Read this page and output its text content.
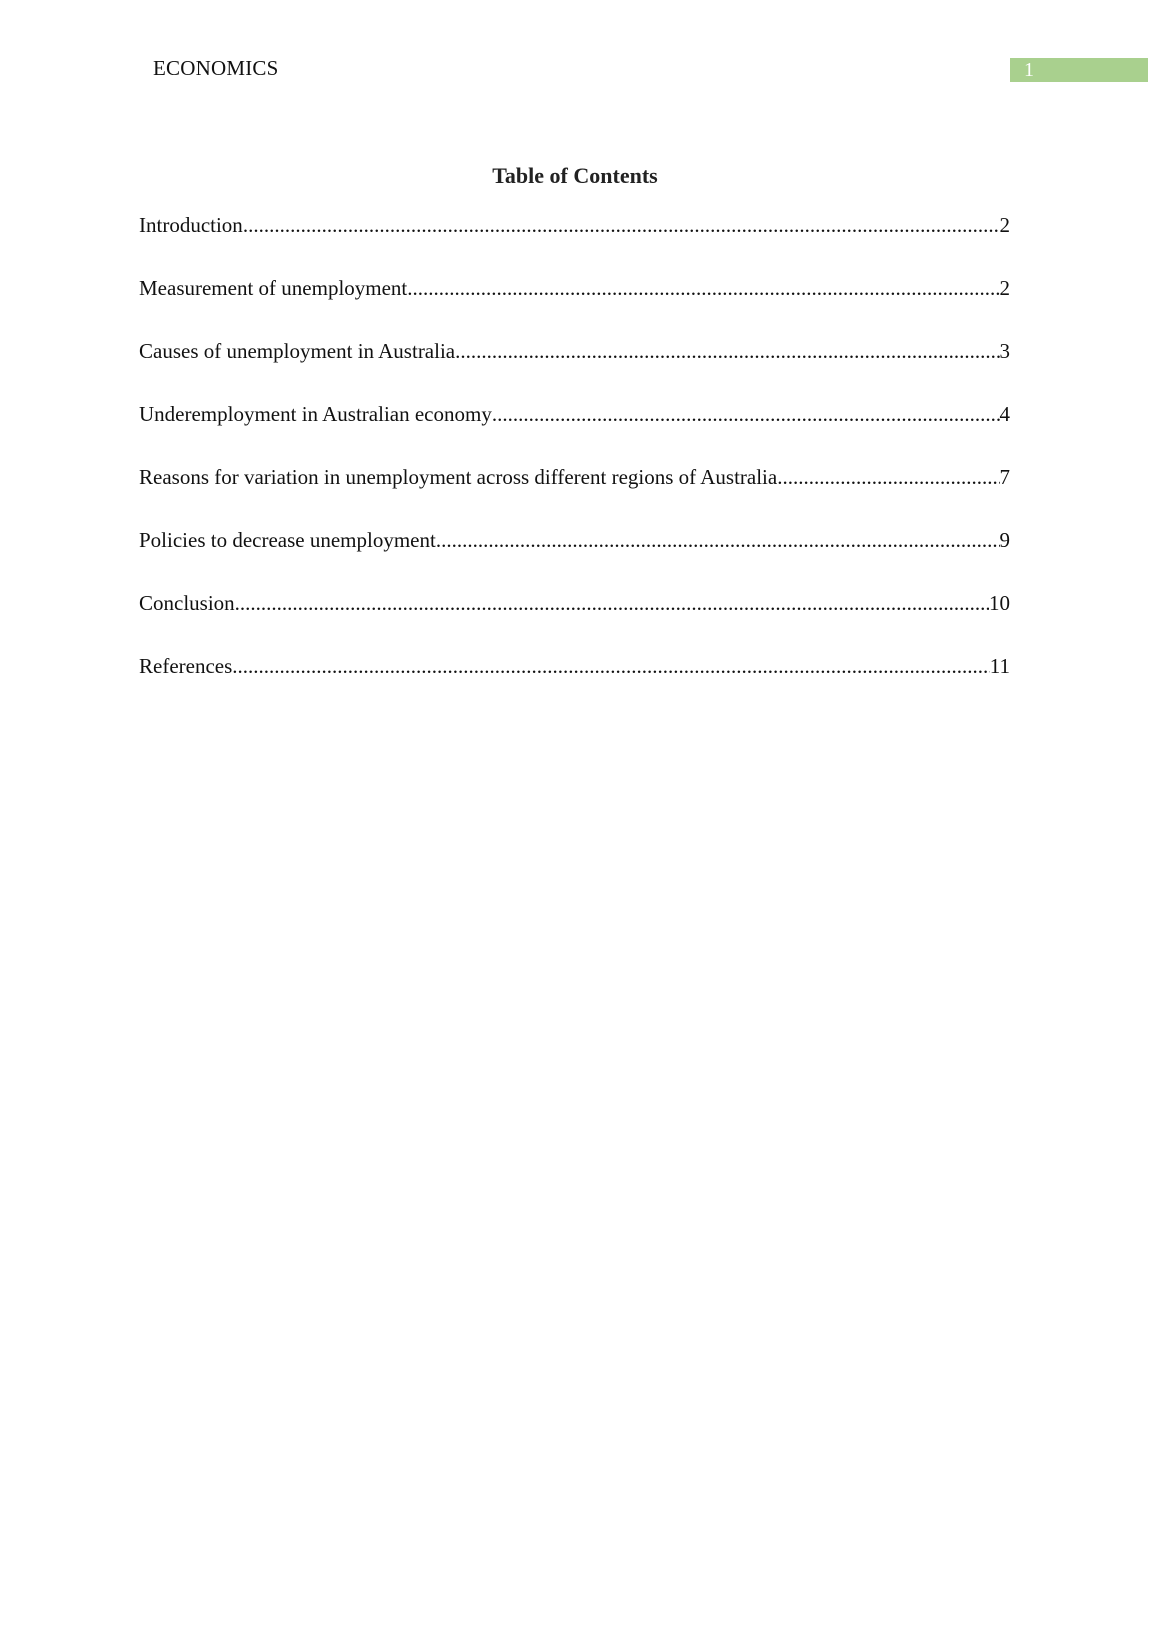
ECONOMICS	1
Table of Contents
Introduction .....	2
Measurement of unemployment .....	2
Causes of unemployment in Australia .....	3
Underemployment in Australian economy .....	4
Reasons for variation in unemployment across different regions of Australia .....	7
Policies to decrease unemployment .....	9
Conclusion .....	10
References .....	11
